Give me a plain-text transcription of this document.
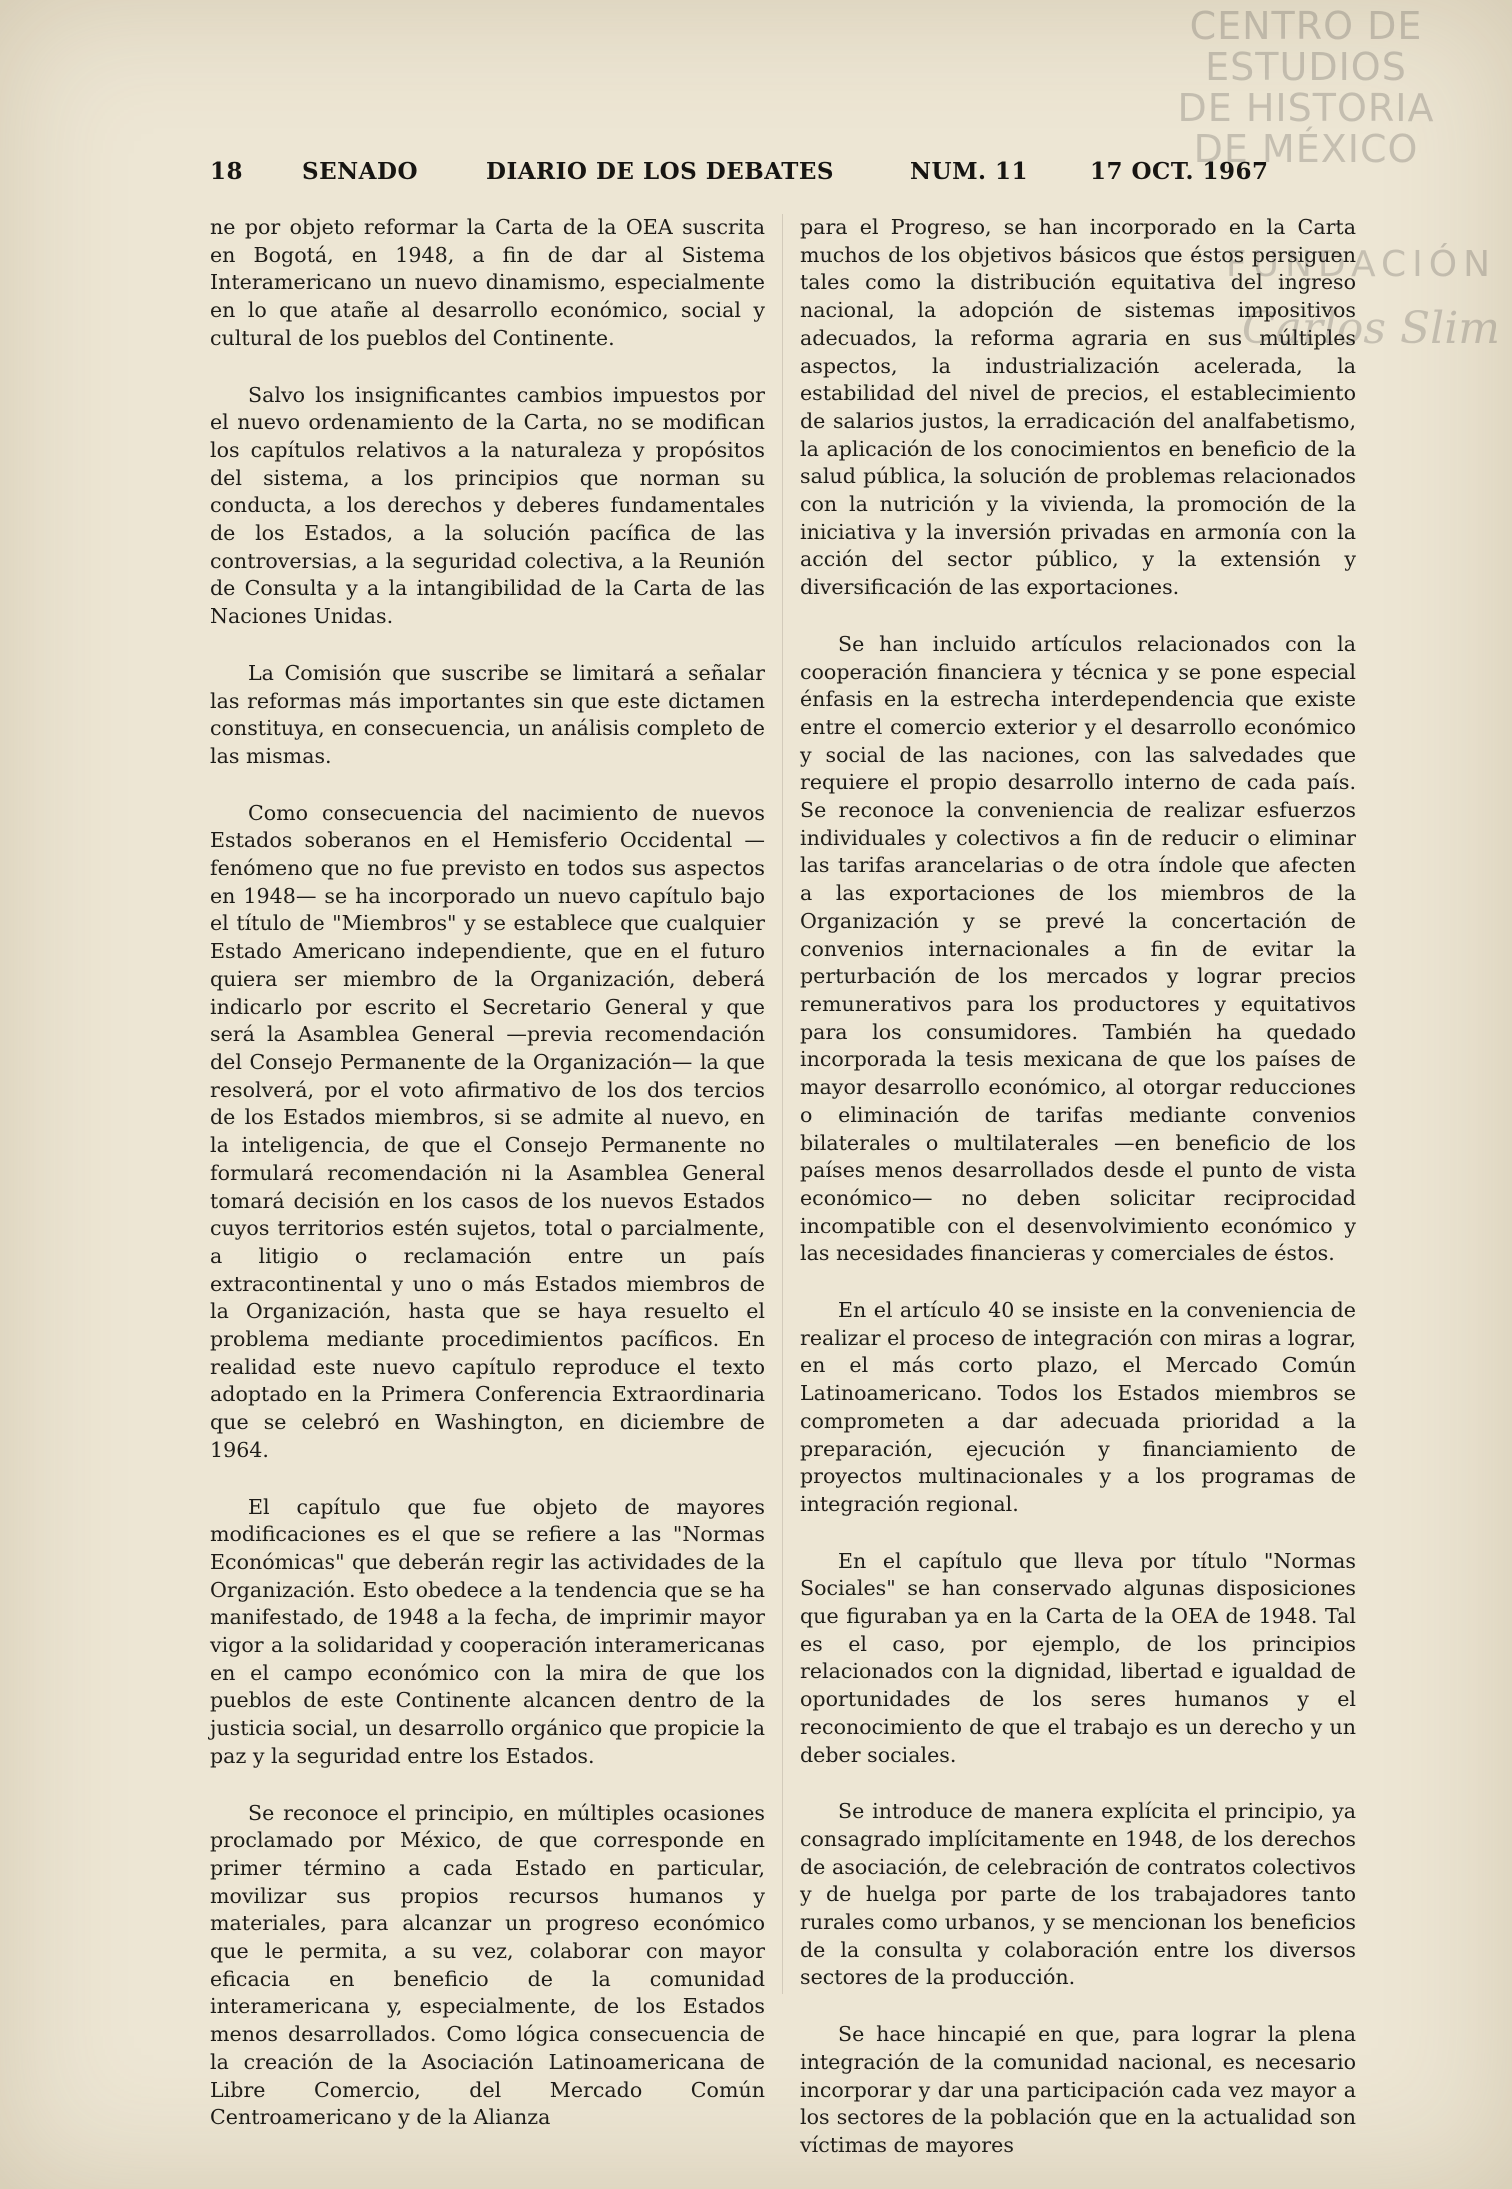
CENTRO DE
ESTUDIOS
DE HISTORIA
DE MÉXICO
FUNDACIÓN
Carlos Slim
18	SENADO	DIARIO DE LOS DEBATES	NUM. 11	17 OCT. 1967

ne por objeto reformar la Carta de la OEA suscrita en Bogotá, en 1948, a fin de dar al Sistema Interamericano un nuevo dinamismo, especialmente en lo que atañe al desarrollo económico, social y cultural de los pueblos del Continente.

Salvo los insignificantes cambios impuestos por el nuevo ordenamiento de la Carta, no se modifican los capítulos relativos a la naturaleza y propósitos del sistema, a los principios que norman su conducta, a los derechos y deberes fundamentales de los Estados, a la solución pacífica de las controversias, a la seguridad colectiva, a la Reunión de Consulta y a la intangibilidad de la Carta de las Naciones Unidas.

La Comisión que suscribe se limitará a señalar las reformas más importantes sin que este dictamen constituya, en consecuencia, un análisis completo de las mismas.

Como consecuencia del nacimiento de nuevos Estados soberanos en el Hemisferio Occidental —fenómeno que no fue previsto en todos sus aspectos en 1948— se ha incorporado un nuevo capítulo bajo el título de "Miembros" y se establece que cualquier Estado Americano independiente, que en el futuro quiera ser miembro de la Organización, deberá indicarlo por escrito el Secretario General y que será la Asamblea General —previa recomendación del Consejo Permanente de la Organización— la que resolverá, por el voto afirmativo de los dos tercios de los Estados miembros, si se admite al nuevo, en la inteligencia, de que el Consejo Permanente no formulará recomendación ni la Asamblea General tomará decisión en los casos de los nuevos Estados cuyos territorios estén sujetos, total o parcialmente, a litigio o reclamación entre un país extracontinental y uno o más Estados miembros de la Organización, hasta que se haya resuelto el problema mediante procedimientos pacíficos. En realidad este nuevo capítulo reproduce el texto adoptado en la Primera Conferencia Extraordinaria que se celebró en Washington, en diciembre de 1964.

El capítulo que fue objeto de mayores modificaciones es el que se refiere a las "Normas Económicas" que deberán regir las actividades de la Organización. Esto obedece a la tendencia que se ha manifestado, de 1948 a la fecha, de imprimir mayor vigor a la solidaridad y cooperación interamericanas en el campo económico con la mira de que los pueblos de este Continente alcancen dentro de la justicia social, un desarrollo orgánico que propicie la paz y la seguridad entre los Estados.

Se reconoce el principio, en múltiples ocasiones proclamado por México, de que corresponde en primer término a cada Estado en particular, movilizar sus propios recursos humanos y materiales, para alcanzar un progreso económico que le permita, a su vez, colaborar con mayor eficacia en beneficio de la comunidad interamericana y, especialmente, de los Estados menos desarrollados. Como lógica consecuencia de la creación de la Asociación Latinoamericana de Libre Comercio, del Mercado Común Centroamericano y de la Alianza

para el Progreso, se han incorporado en la Carta muchos de los objetivos básicos que éstos persiguen tales como la distribución equitativa del ingreso nacional, la adopción de sistemas impositivos adecuados, la reforma agraria en sus múltiples aspectos, la industrialización acelerada, la estabilidad del nivel de precios, el establecimiento de salarios justos, la erradicación del analfabetismo, la aplicación de los conocimientos en beneficio de la salud pública, la solución de problemas relacionados con la nutrición y la vivienda, la promoción de la iniciativa y la inversión privadas en armonía con la acción del sector público, y la extensión y diversificación de las exportaciones.

Se han incluido artículos relacionados con la cooperación financiera y técnica y se pone especial énfasis en la estrecha interdependencia que existe entre el comercio exterior y el desarrollo económico y social de las naciones, con las salvedades que requiere el propio desarrollo interno de cada país. Se reconoce la conveniencia de realizar esfuerzos individuales y colectivos a fin de reducir o eliminar las tarifas arancelarias o de otra índole que afecten a las exportaciones de los miembros de la Organización y se prevé la concertación de convenios internacionales a fin de evitar la perturbación de los mercados y lograr precios remunerativos para los productores y equitativos para los consumidores. También ha quedado incorporada la tesis mexicana de que los países de mayor desarrollo económico, al otorgar reducciones o eliminación de tarifas mediante convenios bilaterales o multilaterales —en beneficio de los países menos desarrollados desde el punto de vista económico— no deben solicitar reciprocidad incompatible con el desenvolvimiento económico y las necesidades financieras y comerciales de éstos.

En el artículo 40 se insiste en la conveniencia de realizar el proceso de integración con miras a lograr, en el más corto plazo, el Mercado Común Latinoamericano. Todos los Estados miembros se comprometen a dar adecuada prioridad a la preparación, ejecución y financiamiento de proyectos multinacionales y a los programas de integración regional.

En el capítulo que lleva por título "Normas Sociales" se han conservado algunas disposiciones que figuraban ya en la Carta de la OEA de 1948. Tal es el caso, por ejemplo, de los principios relacionados con la dignidad, libertad e igualdad de oportunidades de los seres humanos y el reconocimiento de que el trabajo es un derecho y un deber sociales.

Se introduce de manera explícita el principio, ya consagrado implícitamente en 1948, de los derechos de asociación, de celebración de contratos colectivos y de huelga por parte de los trabajadores tanto rurales como urbanos, y se mencionan los beneficios de la consulta y colaboración entre los diversos sectores de la producción.

Se hace hincapié en que, para lograr la plena integración de la comunidad nacional, es necesario incorporar y dar una participación cada vez mayor a los sectores de la población que en la actualidad son víctimas de mayores
